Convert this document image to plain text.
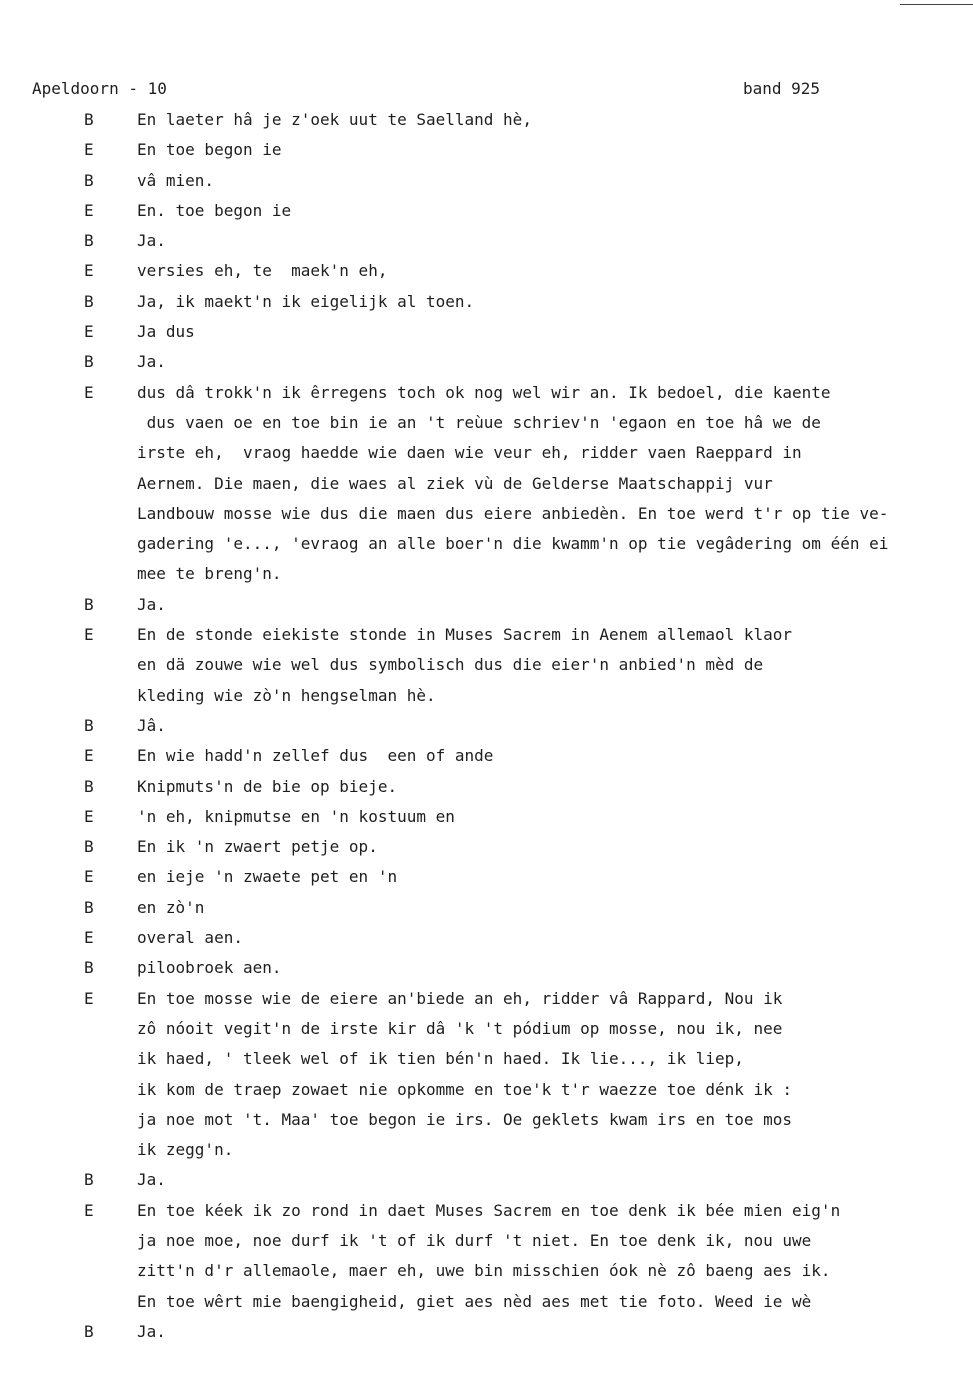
Apeldoorn - 10	band 925
B	En laeter hâ je z'oek uut te Saelland hè,
E	En toe begon ie
B	vâ mien.
E	En. toe begon ie
B	Ja.
E	versies eh, te  maek'n eh,
B	Ja, ik maekt'n ik eigelijk al toen.
E	Ja dus
B	Ja.
E	dus dâ trokk'n ik êrregens toch ok nog wel wir an. Ik bedoel, die kaente
dus vaen oe en toe bin ie an 't reùue schriev'n 'egaon en toe hâ we de
irste eh,  vraog haedde wie daen wie veur eh, ridder vaen Raeppard in
Aernem. Die maen, die waes al ziek vù de Gelderse Maatschappij vur
Landbouw mosse wie dus die maen dus eiere anbiedèn. En toe werd t'r op tie ve-
gadering 'e..., 'evraog an alle boer'n die kwamm'n op tie vegâdering om één ei
mee te breng'n.
B	Ja.
E	En de stonde eiekiste stonde in Muses Sacrem in Aenem allemaol klaor
en dä zouwe wie wel dus symbolisch dus die eier'n anbied'n mèd de
kleding wie zò'n hengselman hè.
B	Jâ.
E	En wie hadd'n zellef dus  een of ande
B	Knipmuts'n de bie op bieje.
E	'n eh, knipmutse en 'n kostuum en
B	En ik 'n zwaert petje op.
E	en ieje 'n zwaete pet en 'n
B	en zò'n
E	overal aen.
B	piloobroek aen.
E	En toe mosse wie de eiere an'biede an eh, ridder vâ Rappard, Nou ik
zô nóoit vegit'n de irste kir dâ 'k 't pódium op mosse, nou ik, nee
ik haed, ' tleek wel of ik tien bén'n haed. Ik lie..., ik liep,
ik kom de traep zowaet nie opkomme en toe'k t'r waezze toe dénk ik :
ja noe mot 't. Maa' toe begon ie irs. Oe geklets kwam irs en toe mos
ik zegg'n.
B	Ja.
E	En toe kéek ik zo rond in daet Muses Sacrem en toe denk ik bée mien eig'n
ja noe moe, noe durf ik 't of ik durf 't niet. En toe denk ik, nou uwe
zitt'n d'r allemaole, maer eh, uwe bin misschien óok nè zô baeng aes ik.
En toe wêrt mie baengigheid, giet aes nèd aes met tie foto. Weed ie wè
B	Ja.
